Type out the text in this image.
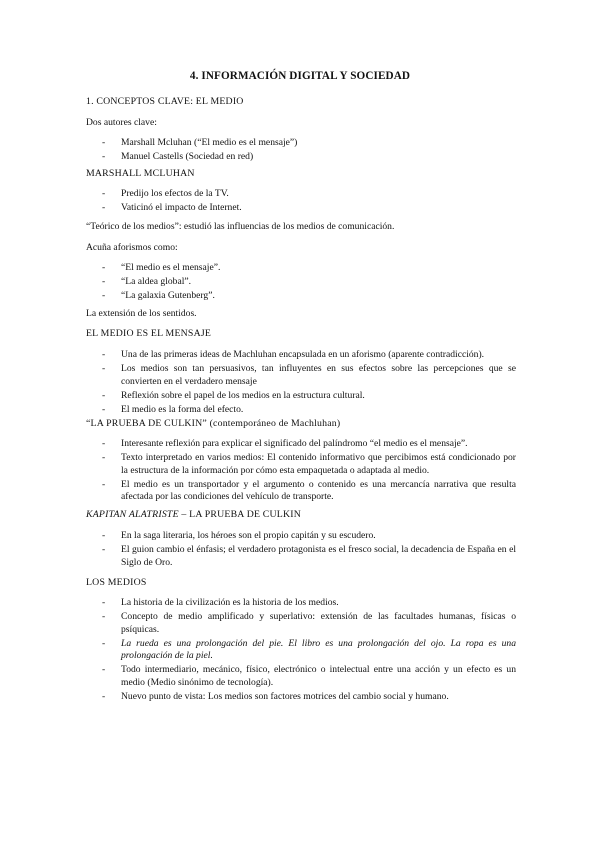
4. INFORMACIÓN DIGITAL Y SOCIEDAD
1. CONCEPTOS CLAVE: EL MEDIO
Dos autores clave:
- Marshall Mcluhan (“El medio es el mensaje”)
- Manuel Castells (Sociedad en red)
MARSHALL MCLUHAN
- Predijo los efectos de la TV.
- Vaticinó el impacto de Internet.
“Teórico de los medios”: estudió las influencias de los medios de comunicación.
Acuña aforismos como:
- “El medio es el mensaje”.
- “La aldea global”.
- “La galaxia Gutenberg”.
La extensión de los sentidos.
EL MEDIO ES EL MENSAJE
- Una de las primeras ideas de Machluhan encapsulada en un aforismo (aparente contradicción).
- Los medios son tan persuasivos, tan influyentes en sus efectos sobre las percepciones que se convierten en el verdadero mensaje
- Reflexión sobre el papel de los medios en la estructura cultural.
- El medio es la forma del efecto.
“LA PRUEBA DE CULKIN” (contemporáneo de Machluhan)
- Interesante reflexión para explicar el significado del palíndromo “el medio es el mensaje”.
- Texto interpretado en varios medios: El contenido informativo que percibimos está condicionado por la estructura de la información por cómo esta empaquetada o adaptada al medio.
- El medio es un transportador y el argumento o contenido es una mercancía narrativa que resulta afectada por las condiciones del vehículo de transporte.
KAPITAN ALATRISTE – LA PRUEBA DE CULKIN
- En la saga literaria, los héroes son el propio capitán y su escudero.
- El guion cambio el énfasis; el verdadero protagonista es el fresco social, la decadencia de España en el Siglo de Oro.
LOS MEDIOS
- La historia de la civilización es la historia de los medios.
- Concepto de medio amplificado y superlativo: extensión de las facultades humanas, físicas o psíquicas.
- La rueda es una prolongación del pie. El libro es una prolongación del ojo. La ropa es una prolongación de la piel.
- Todo intermediario, mecánico, físico, electrónico o intelectual entre una acción y un efecto es un medio (Medio sinónimo de tecnología).
- Nuevo punto de vista: Los medios son factores motrices del cambio social y humano.
